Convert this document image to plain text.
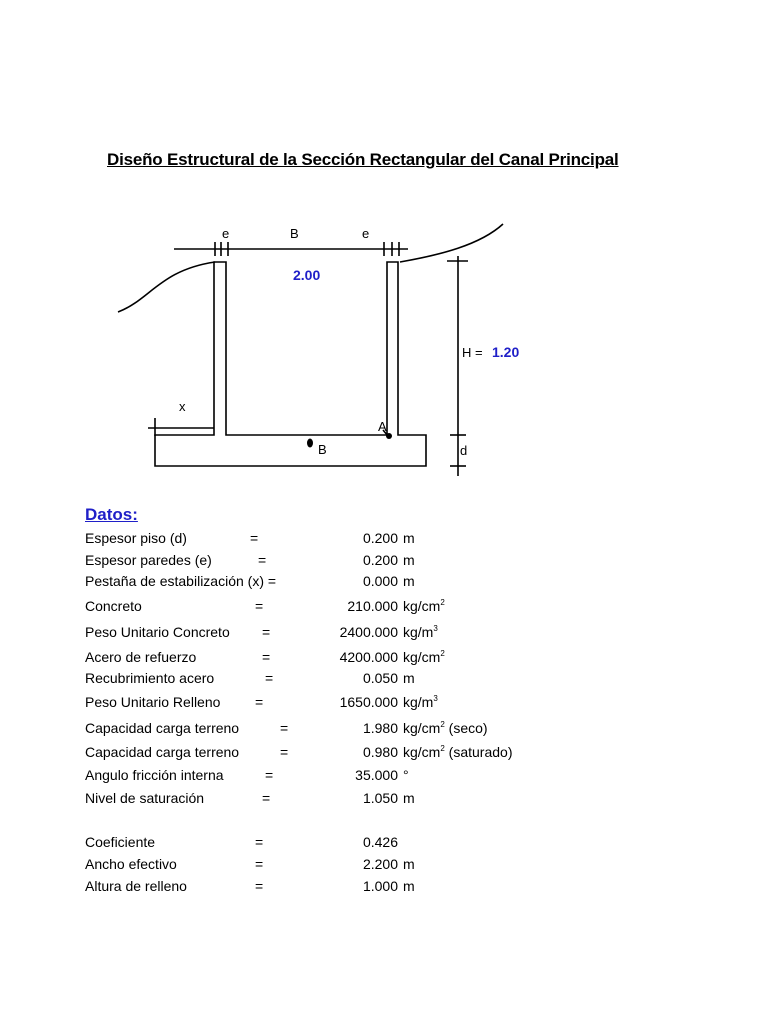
Diseño Estructural de la Sección Rectangular del Canal Principal
e	B	e
H =
x
A
B	d
2.00
1.20
Datos:
Espesor piso (d)	=	0.200 m
Espesor paredes (e)	=	0.200 m
Pestaña de estabilización (x) =	0.000 m
Concreto	=	210.000 $kg/cm^2$
Peso Unitario Concreto =	2400.000 $kg/m^3$
Acero de refuerzo	=	4200.000 $kg/cm^2$
Recubrimiento acero	=	0.050 m
Peso Unitario Relleno =	1650.000 $kg/m^3$
Capacidad carga terreno	=	1.980 $kg/cm^2$ (seco)
Capacidad carga terreno	=	0.980 $kg/cm^2$ (saturado)
Angulo fricción interna	=	35.000 °
Nivel de saturación	=	1.050 m
Coeficiente	=	0.426
Ancho efectivo	=	2.200 m
Altura de relleno	=	1.000 m
